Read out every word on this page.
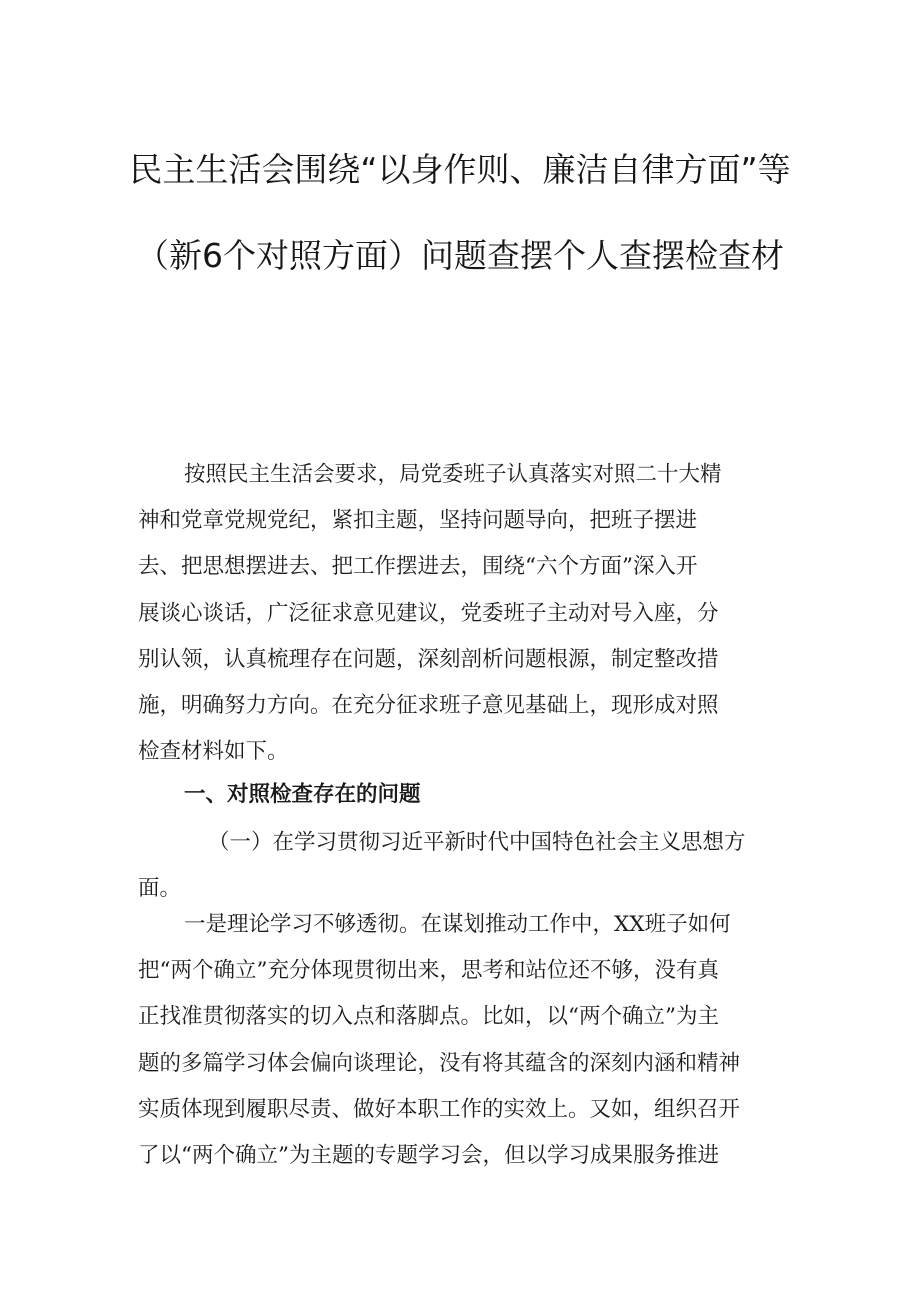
民主生活会围绕“以身作则、廉洁自律方面”等
（新6个对照方面）问题查摆个人查摆检查材

按照民主生活会要求，局党委班子认真落实对照二十大精
神和党章党规党纪，紧扣主题，坚持问题导向，把班子摆进
去、把思想摆进去、把工作摆进去，围绕“六个方面”深入开
展谈心谈话，广泛征求意见建议，党委班子主动对号入座，分
别认领，认真梳理存在问题，深刻剖析问题根源，制定整改措
施，明确努力方向。在充分征求班子意见基础上，现形成对照
检查材料如下。

一、对照检查存在的问题

（一）在学习贯彻习近平新时代中国特色社会主义思想方
面。

一是理论学习不够透彻。在谋划推动工作中，XX班子如何
把“两个确立”充分体现贯彻出来，思考和站位还不够，没有真
正找准贯彻落实的切入点和落脚点。比如，以“两个确立”为主
题的多篇学习体会偏向谈理论，没有将其蕴含的深刻内涵和精神
实质体现到履职尽责、做好本职工作的实效上。又如，组织召开
了以“两个确立”为主题的专题学习会，但以学习成果服务推进
